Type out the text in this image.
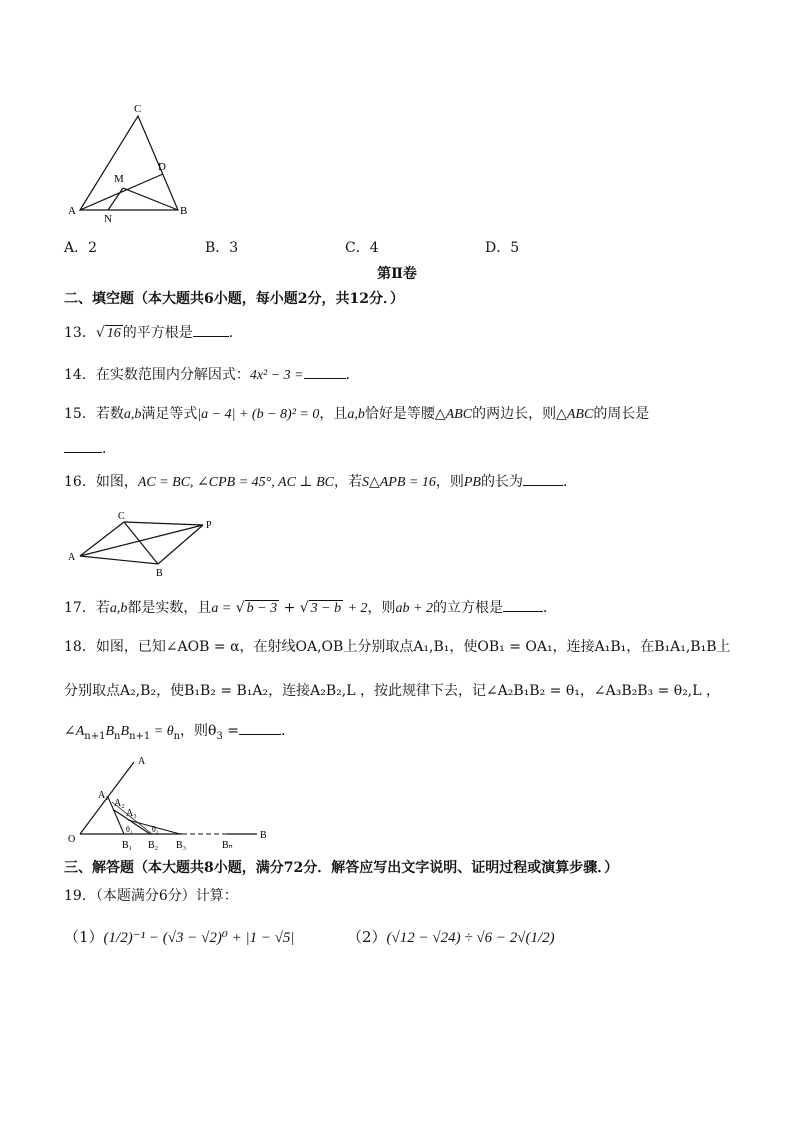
C
D
M
A
N
B
A．2	B．3	C．4	D．5
第Ⅱ卷
二、填空题（本大题共6小题，每小题2分，共12分．）
13．√ 16 的平方根是	．
14．在实数范围内分解因式：4x² − 3 =	．
15．若数a,b满足等式|a − 4| + (b − 8)² = 0，且a,b恰好是等腰△ABC的两边长，则△ABC的周长是
．
16．如图，AC = BC, ∠CPB = 45°, AC ⊥ BC，若S△APB = 16，则PB的长为	．
C
P
A
B
17．若a,b都是实数，且a = √ b − 3 + √ 3 − b + 2，则ab + 2的立方根是	．
18．如图，已知∠AOB = α，在射线OA,OB上分别取点A₁,B₁，使OB₁ = OA₁，连接A₁B₁，在B₁A₁,B₁B上
分别取点A₂,B₂，使B₁B₂ = B₁A₂，连接A₂B₂,L ，按此规律下去，记∠A₂B₁B₂ = θ₁，∠A₃B₂B₃ = θ₂,L ，
$\angle A_{n+1}B_nB_{n+1} = \theta_n$，则$\theta_3$ =	．
A
A₁
A₂
A₃
O
B₁ B₂ B₃	Bₙ
B
θ₁ θ₂
三、解答题（本大题共8小题，满分72分．解答应写出文字说明、证明过程或演算步骤．）
19．（本题满分6分）计算：
（1）(1/2)⁻¹ − (√3 − √2)⁰ + |1 − √5|	（2）(√12 − √24) ÷ √6 − 2√(1/2)
